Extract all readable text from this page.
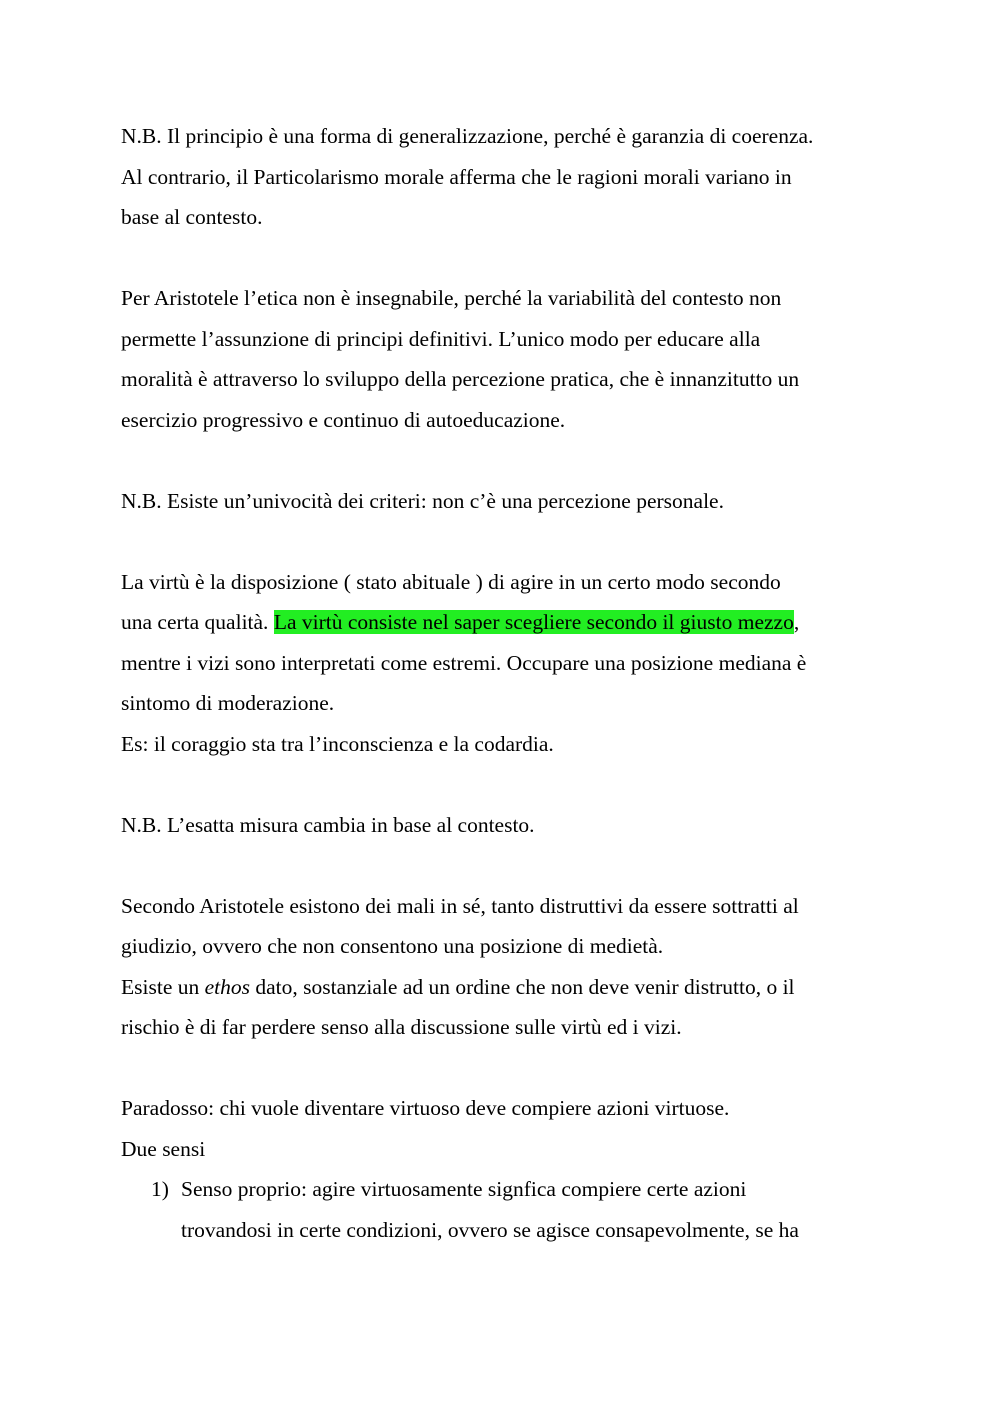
N.B. Il principio è una forma di generalizzazione, perché è garanzia di coerenza.

Al contrario, il Particolarismo morale afferma che le ragioni morali variano in

base al contesto.

Per Aristotele l’etica non è insegnabile, perché la variabilità del contesto non

permette l’assunzione di principi definitivi. L’unico modo per educare alla

moralità è attraverso lo sviluppo della percezione pratica, che è innanzitutto un

esercizio progressivo e continuo di autoeducazione.

N.B. Esiste un’univocità dei criteri: non c’è una percezione personale.

La virtù è la disposizione ( stato abituale ) di agire in un certo modo secondo

una certa qualità. La virtù consiste nel saper scegliere secondo il giusto mezzo,

mentre i vizi sono interpretati come estremi. Occupare una posizione mediana è

sintomo di moderazione.

Es: il coraggio sta tra l’inconscienza e la codardia.

N.B. L’esatta misura cambia in base al contesto.

Secondo Aristotele esistono dei mali in sé, tanto distruttivi da essere sottratti al

giudizio, ovvero che non consentono una posizione di medietà.

Esiste un ethos dato, sostanziale ad un ordine che non deve venir distrutto, o il

rischio è di far perdere senso alla discussione sulle virtù ed i vizi.

Paradosso: chi vuole diventare virtuoso deve compiere azioni virtuose.

Due sensi

1) Senso proprio: agire virtuosamente signfica compiere certe azioni

trovandosi in certe condizioni, ovvero se agisce consapevolmente, se ha
